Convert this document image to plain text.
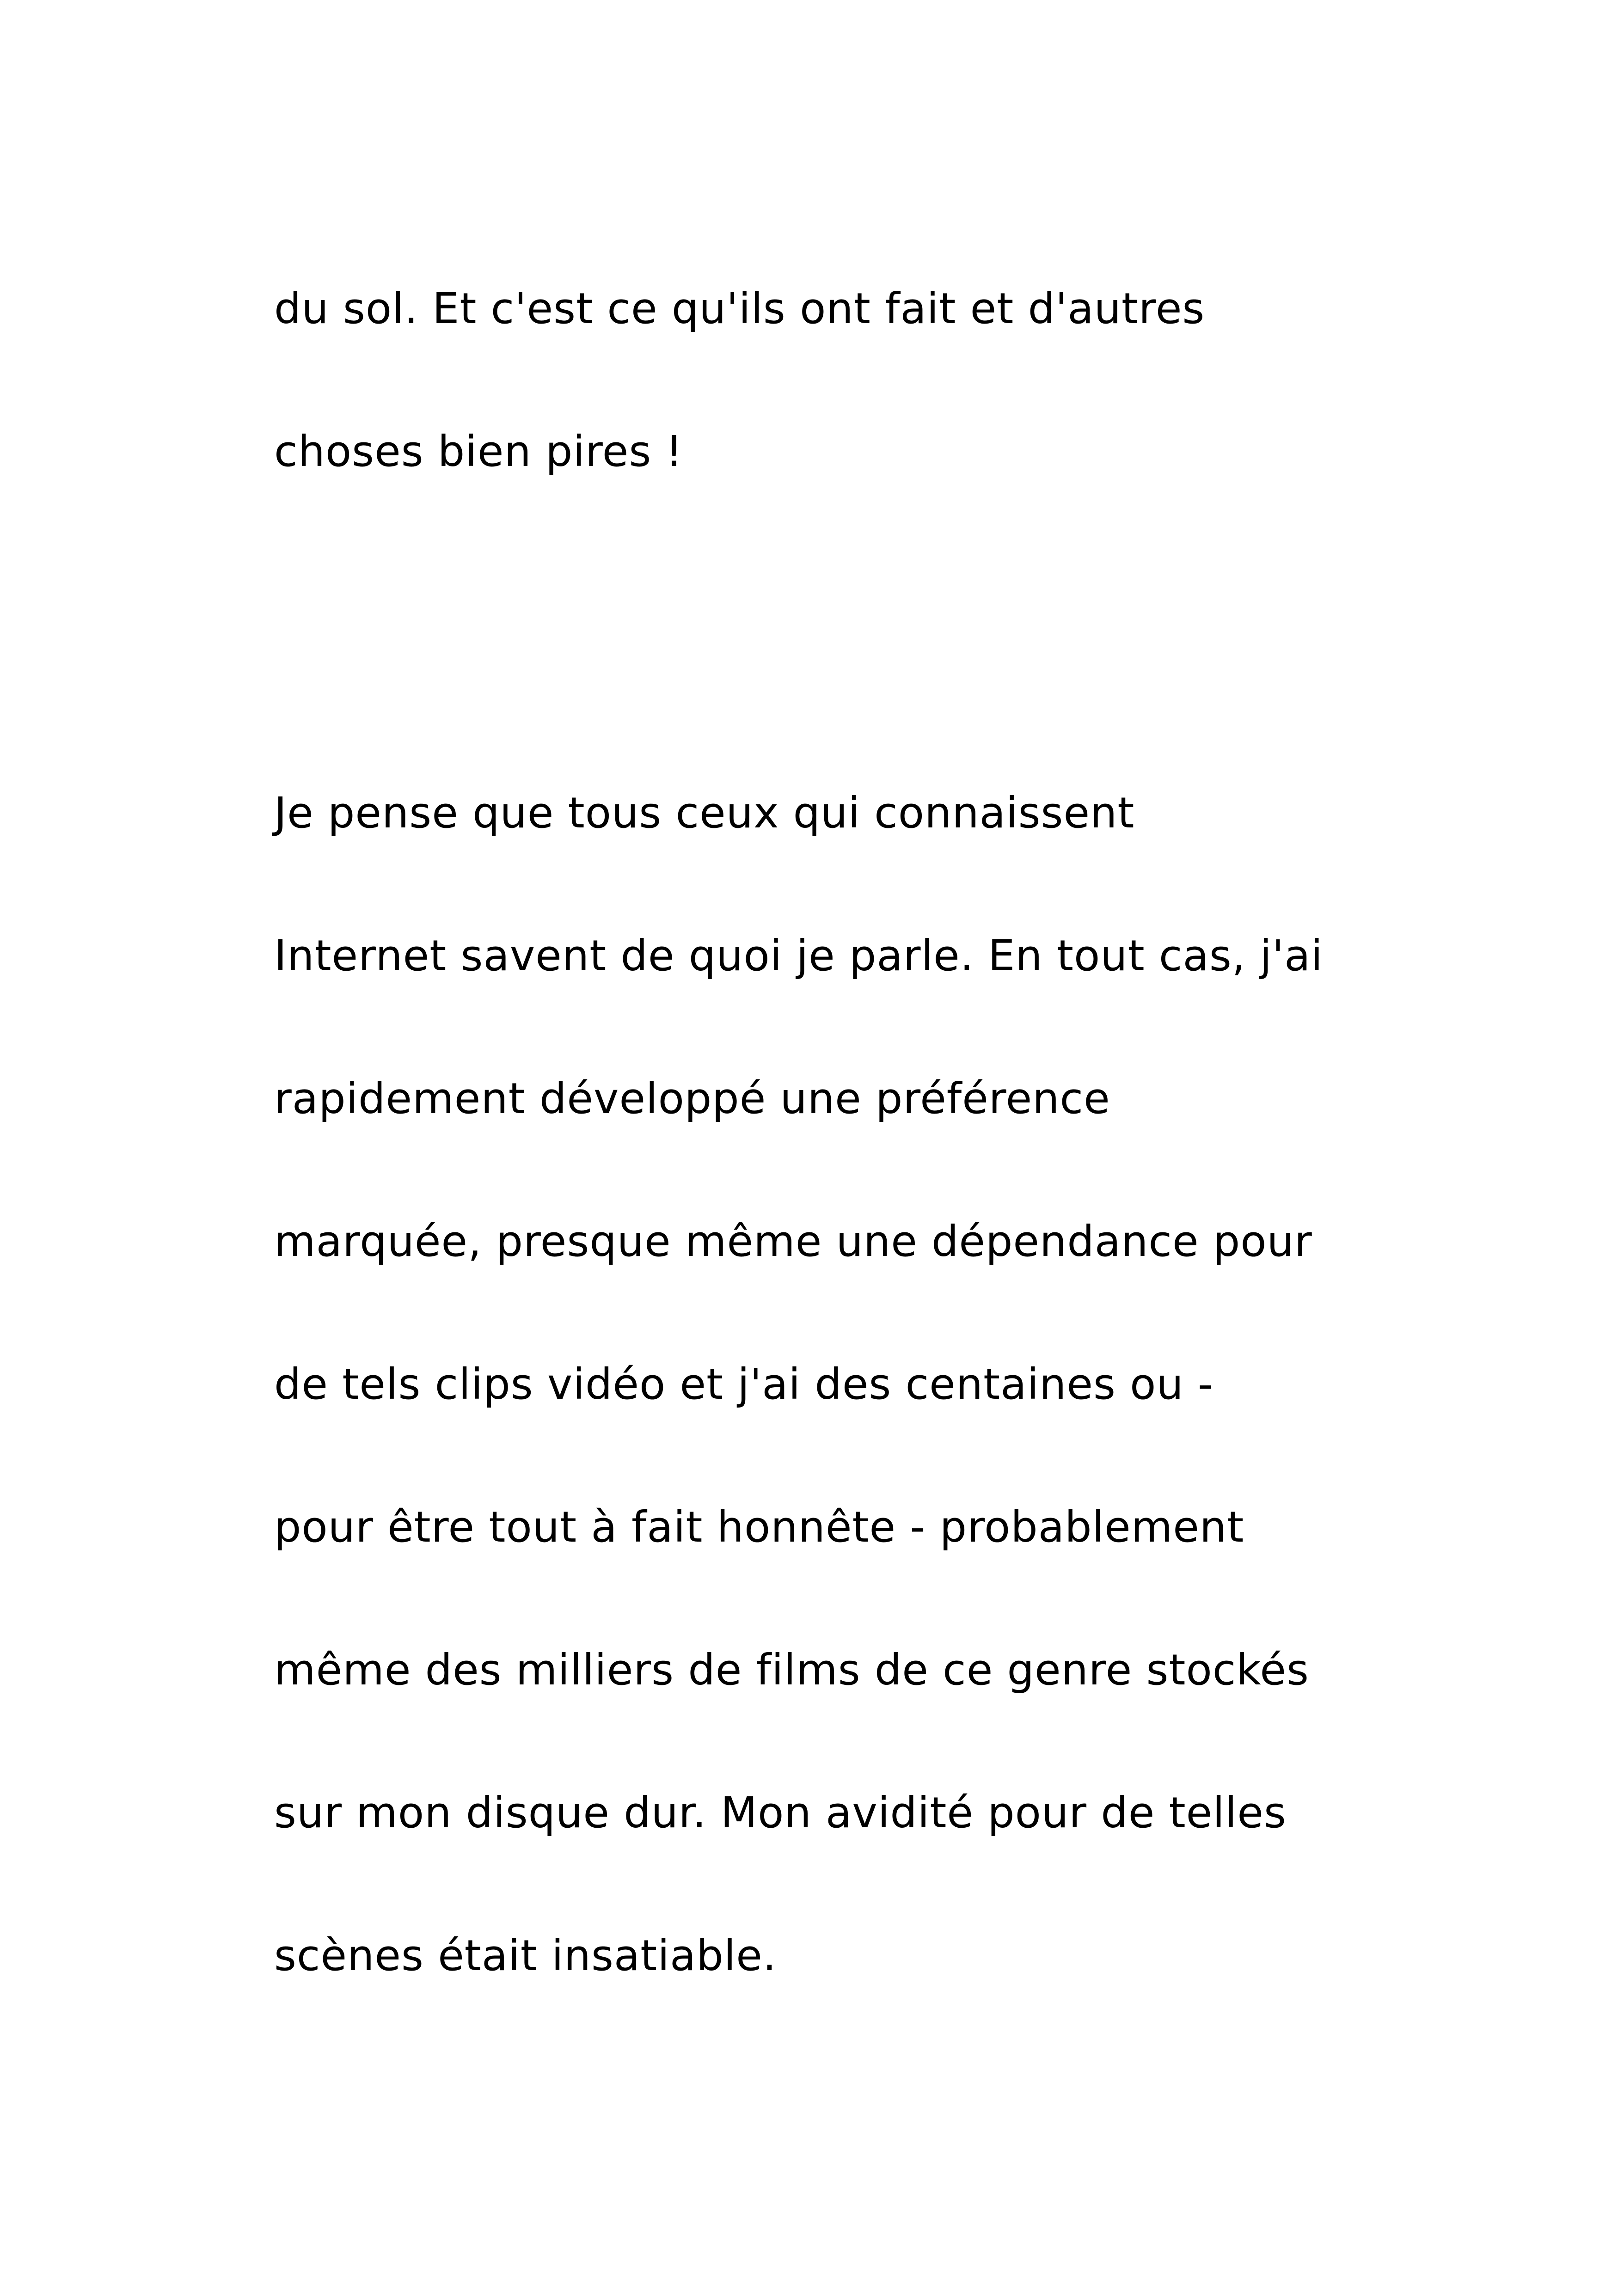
du sol. Et c'est ce qu'ils ont fait et d'autres

choses bien pires !

Je pense que tous ceux qui connaissent

Internet savent de quoi je parle. En tout cas, j'ai

rapidement développé une préférence

marquée, presque même une dépendance pour

de tels clips vidéo et j'ai des centaines ou -

pour être tout à fait honnête - probablement

même des milliers de films de ce genre stockés

sur mon disque dur. Mon avidité pour de telles

scènes était insatiable.
